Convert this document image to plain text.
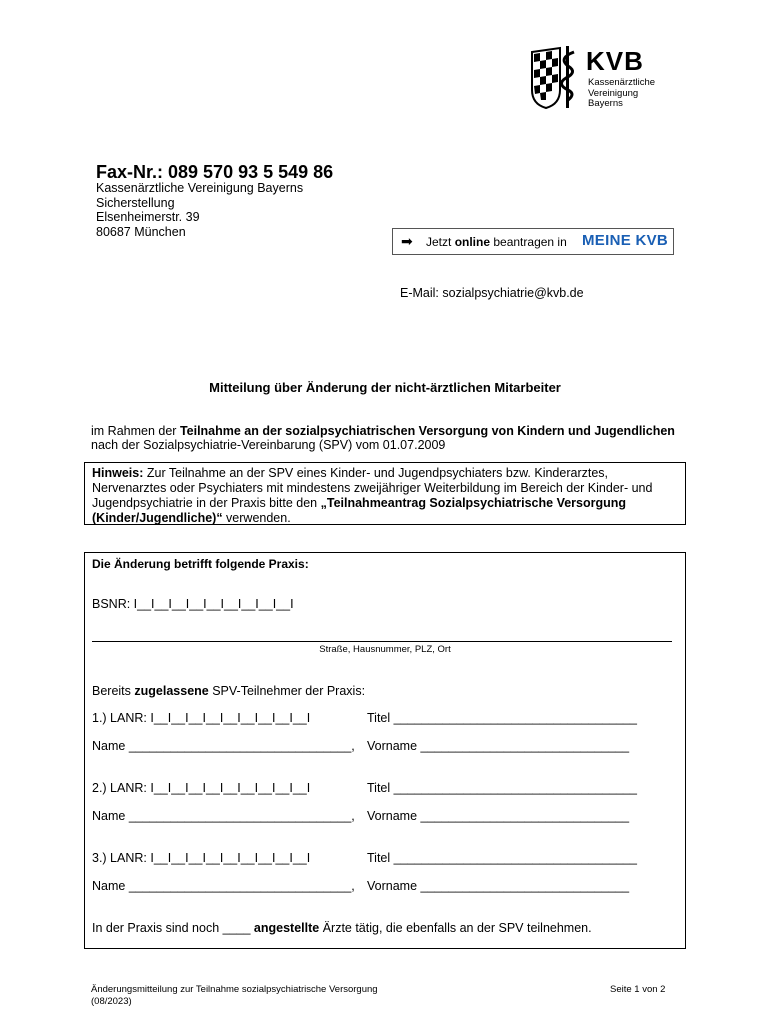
KVB
Kassenärztliche
Vereinigung
Bayerns
Fax-Nr.: 089 570 93 5 549 86
Kassenärztliche Vereinigung Bayerns
Sicherstellung
Elsenheimerstr. 39
80687 München
➡ Jetzt online beantragen in MEINE KVB
E-Mail: sozialpsychiatrie@kvb.de
Mitteilung über Änderung der nicht-ärztlichen Mitarbeiter
im Rahmen der Teilnahme an der sozialpsychiatrischen Versorgung von Kindern und Jugendlichen nach der Sozialpsychiatrie-Vereinbarung (SPV) vom 01.07.2009
Hinweis: Zur Teilnahme an der SPV eines Kinder- und Jugendpsychiaters bzw. Kinderarztes, Nervenarztes oder Psychiaters mit mindestens zweijähriger Weiterbildung im Bereich der Kinder- und Jugendpsychiatrie in der Praxis bitte den „Teilnahmeantrag Sozialpsychiatrische Versorgung (Kinder/Jugendliche)“ verwenden.
Die Änderung betrifft folgende Praxis:
BSNR: I__I__I__I__I__I__I__I__I__I
Straße, Hausnummer, PLZ, Ort
Bereits zugelassene SPV-Teilnehmer der Praxis:
1.) LANR: I__I__I__I__I__I__I__I__I__I	Titel ___________________________________
Name ________________________________, Vorname ______________________________
2.) LANR: I__I__I__I__I__I__I__I__I__I	Titel ___________________________________
Name ________________________________, Vorname ______________________________
3.) LANR: I__I__I__I__I__I__I__I__I__I	Titel ___________________________________
Name ________________________________, Vorname ______________________________
In der Praxis sind noch ____ angestellte Ärzte tätig, die ebenfalls an der SPV teilnehmen.
Änderungsmitteilung zur Teilnahme sozialpsychiatrische Versorgung
(08/2023)
Seite 1 von 2
